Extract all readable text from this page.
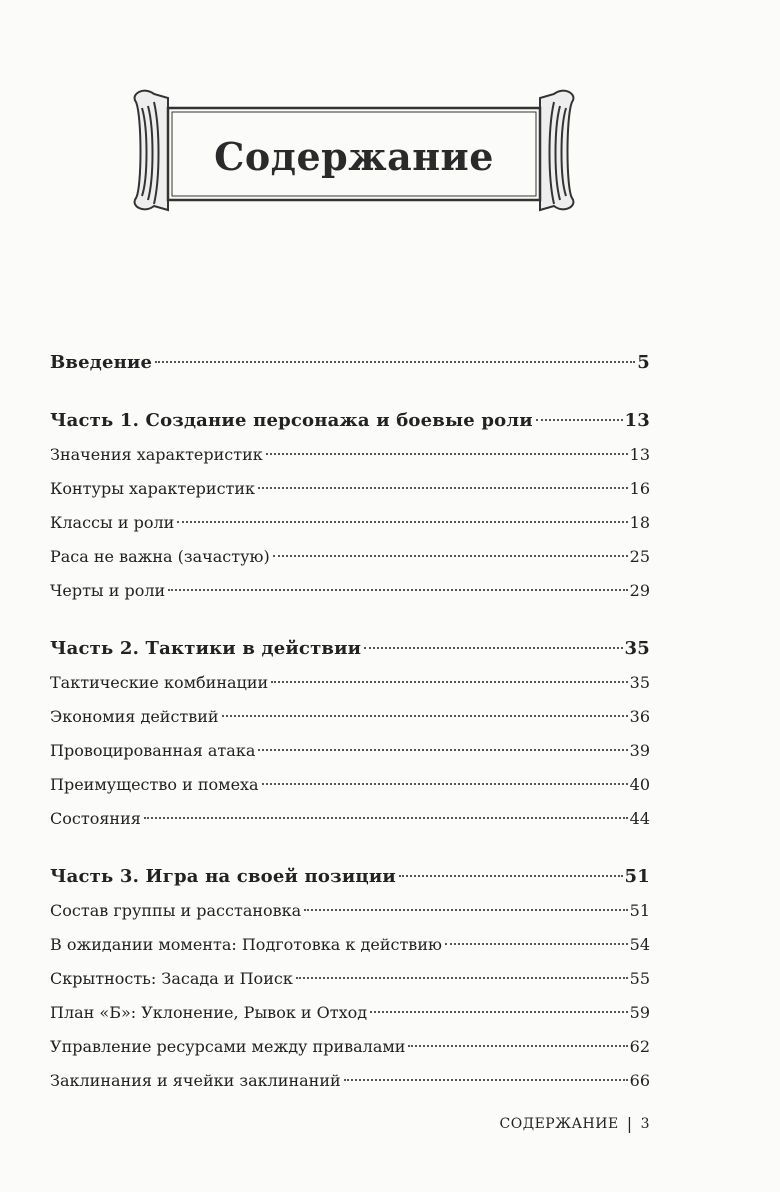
Содержание
Введение	5
Часть 1. Создание персонажа и боевые роли	13
Значения характеристик	13
Контуры характеристик	16
Классы и роли	18
Раса не важна (зачастую)	25
Черты и роли	29
Часть 2. Тактики в действии	35
Тактические комбинации	35
Экономия действий	36
Провоцированная атака	39
Преимущество и помеха	40
Состояния	44
Часть 3. Игра на своей позиции	51
Состав группы и расстановка	51
В ожидании момента: Подготовка к действию	54
Скрытность: Засада и Поиск	55
План «Б»: Уклонение, Рывок и Отход	59
Управление ресурсами между привалами	62
Заклинания и ячейки заклинаний	66
СОДЕРЖАНИЕ | 3
